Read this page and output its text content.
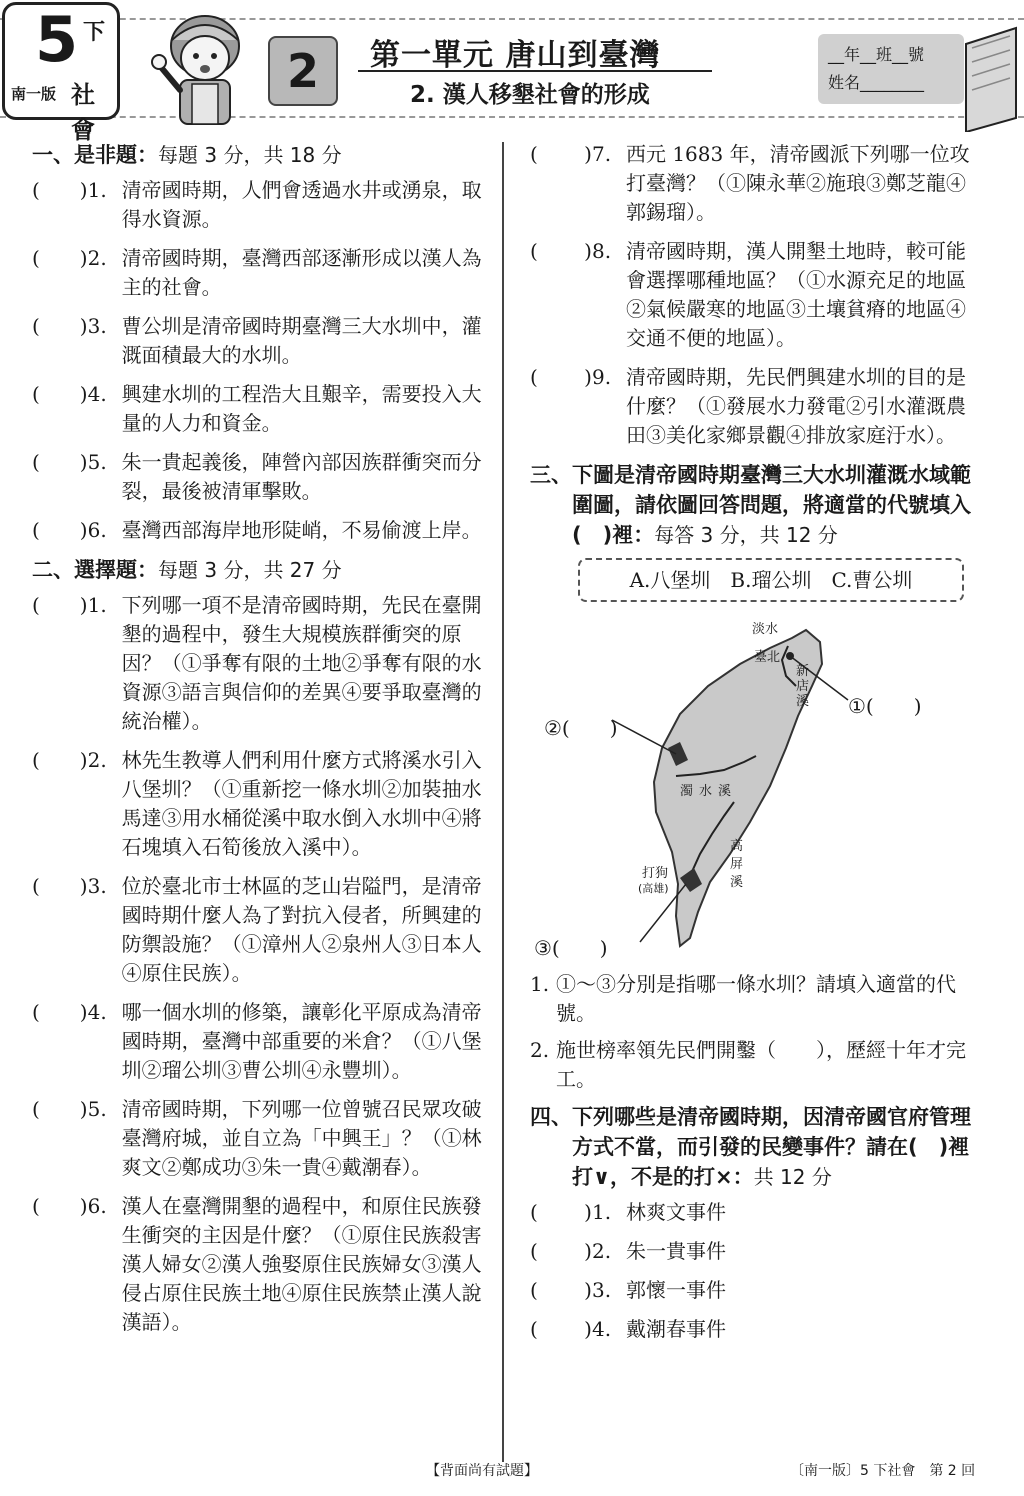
5 下
南一版 社會
2	第一單元 唐山到臺灣
2. 漢人移墾社會的形成
__年__班__號
姓名________
一、是非題：每題 3 分，共 18 分
(　　) 1. 清帝國時期，人們會透過水井或湧泉，取得水資源。
(　　) 2. 清帝國時期，臺灣西部逐漸形成以漢人為主的社會。
(　　) 3. 曹公圳是清帝國時期臺灣三大水圳中，灌溉面積最大的水圳。
(　　) 4. 興建水圳的工程浩大且艱辛，需要投入大量的人力和資金。
(　　) 5. 朱一貴起義後，陣營內部因族群衝突而分裂，最後被清軍擊敗。
(　　) 6. 臺灣西部海岸地形陡峭，不易偷渡上岸。
二、選擇題：每題 3 分，共 27 分
(　　) 1. 下列哪一項不是清帝國時期，先民在臺開墾的過程中，發生大規模族群衝突的原因？（①爭奪有限的土地②爭奪有限的水資源③語言與信仰的差異④要爭取臺灣的統治權）。
(　　) 2. 林先生教導人們利用什麼方式將溪水引入八堡圳？（①重新挖一條水圳②加裝抽水馬達③用水桶從溪中取水倒入水圳中④將石塊填入石筍後放入溪中）。
(　　) 3. 位於臺北市士林區的芝山岩隘門，是清帝國時期什麼人為了對抗入侵者，所興建的防禦設施？（①漳州人②泉州人③日本人④原住民族）。
(　　) 4. 哪一個水圳的修築，讓彰化平原成為清帝國時期，臺灣中部重要的米倉？（①八堡圳②瑠公圳③曹公圳④永豐圳）。
(　　) 5. 清帝國時期，下列哪一位曾號召民眾攻破臺灣府城，並自立為「中興王」？（①林爽文②鄭成功③朱一貴④戴潮春）。
(　　) 6. 漢人在臺灣開墾的過程中，和原住民族發生衝突的主因是什麼？（①原住民族殺害漢人婦女②漢人強娶原住民族婦女③漢人侵占原住民族土地④原住民族禁止漢人說漢語）。
(　　 ) 7. 西元 1683 年，清帝國派下列哪一位攻打臺灣？（①陳永華②施琅③鄭芝龍④郭錫瑠）。
(　　 ) 8. 清帝國時期，漢人開墾土地時，較可能會選擇哪種地區？（①水源充足的地區②氣候嚴寒的地區③土壤貧瘠的地區④交通不便的地區）。
(　　 ) 9. 清帝國時期，先民們興建水圳的目的是什麼？（①發展水力發電②引水灌溉農田③美化家鄉景觀④排放家庭汙水）。
三、 下圖是清帝國時期臺灣三大水圳灌溉水域範圍圖，請依圖回答問題，將適當的代號填入(　)裡：每答 3 分，共 12 分
A.八堡圳　B.瑠公圳　C.曹公圳
淡水
臺北
新店溪
濁水溪
高屏溪
打狗
(高雄)
①(　　)
②(　　)
③(　　)
1. ①～③分別是指哪一條水圳？請填入適當的代號。
2. 施世榜率領先民們開鑿（　　），歷經十年才完工。
四、 下列哪些是清帝國時期，因清帝國官府管理方式不當，而引發的民變事件？請在(　)裡打∨，不是的打×：共 12 分
(　　 ) 1. 林爽文事件
(　　 ) 2. 朱一貴事件
(　　 ) 3. 郭懷一事件
(　　 ) 4. 戴潮春事件
【背面尚有試題】	〔南一版〕5 下社會　第 2 回
